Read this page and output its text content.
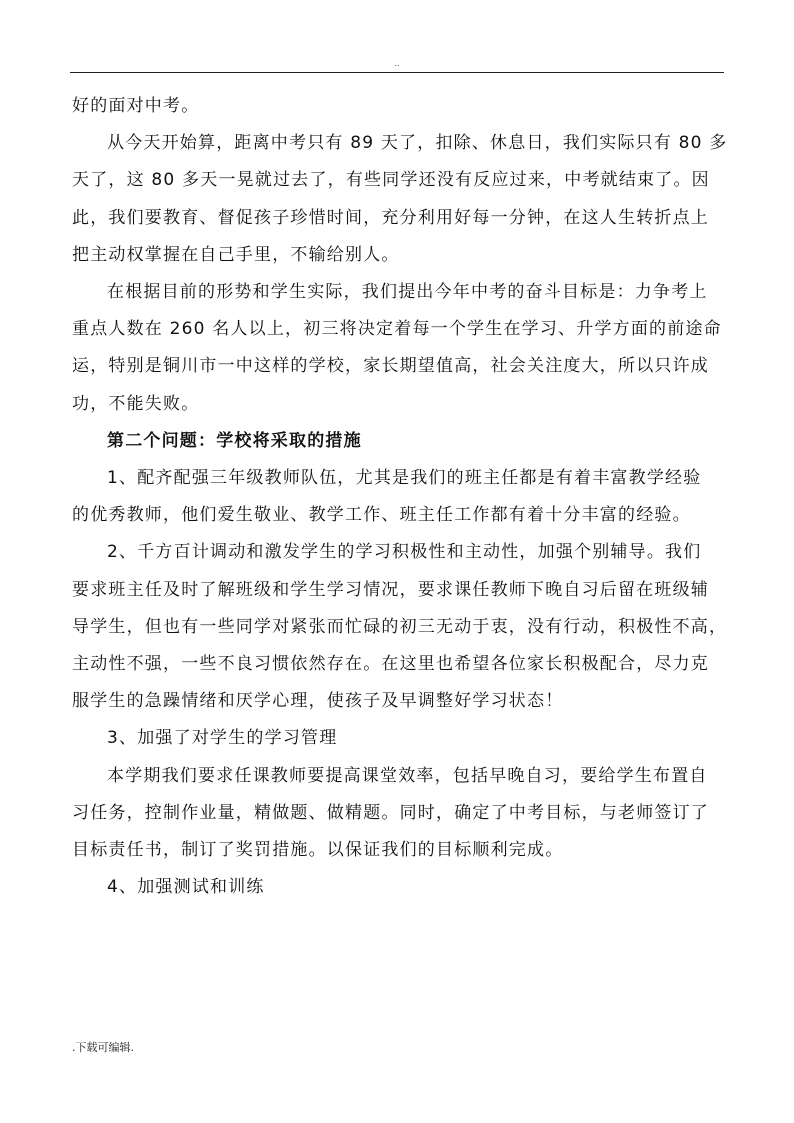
..
好的面对中考。
从今天开始算，距离中考只有 89 天了，扣除、休息日，我们实际只有 80 多
天了，这 80 多天一晃就过去了，有些同学还没有反应过来，中考就结束了。因
此，我们要教育、督促孩子珍惜时间，充分利用好每一分钟，在这人生转折点上
把主动权掌握在自己手里，不输给别人。
在根据目前的形势和学生实际，我们提出今年中考的奋斗目标是：力争考上
重点人数在 260 名人以上，初三将决定着每一个学生在学习、升学方面的前途命
运，特别是铜川市一中这样的学校，家长期望值高，社会关注度大，所以只许成
功，不能失败。
第二个问题：学校将采取的措施
1、配齐配强三年级教师队伍，尤其是我们的班主任都是有着丰富教学经验
的优秀教师，他们爱生敬业、教学工作、班主任工作都有着十分丰富的经验。
2、千方百计调动和激发学生的学习积极性和主动性，加强个别辅导。我们
要求班主任及时了解班级和学生学习情况，要求课任教师下晚自习后留在班级辅
导学生，但也有一些同学对紧张而忙碌的初三无动于衷，没有行动，积极性不高，
主动性不强，一些不良习惯依然存在。在这里也希望各位家长积极配合，尽力克
服学生的急躁情绪和厌学心理，使孩子及早调整好学习状态！
3、加强了对学生的学习管理
本学期我们要求任课教师要提高课堂效率，包括早晚自习，要给学生布置自
习任务，控制作业量，精做题、做精题。同时，确定了中考目标，与老师签订了
目标责任书，制订了奖罚措施。以保证我们的目标顺利完成。
4、加强测试和训练
.下载可编辑.
